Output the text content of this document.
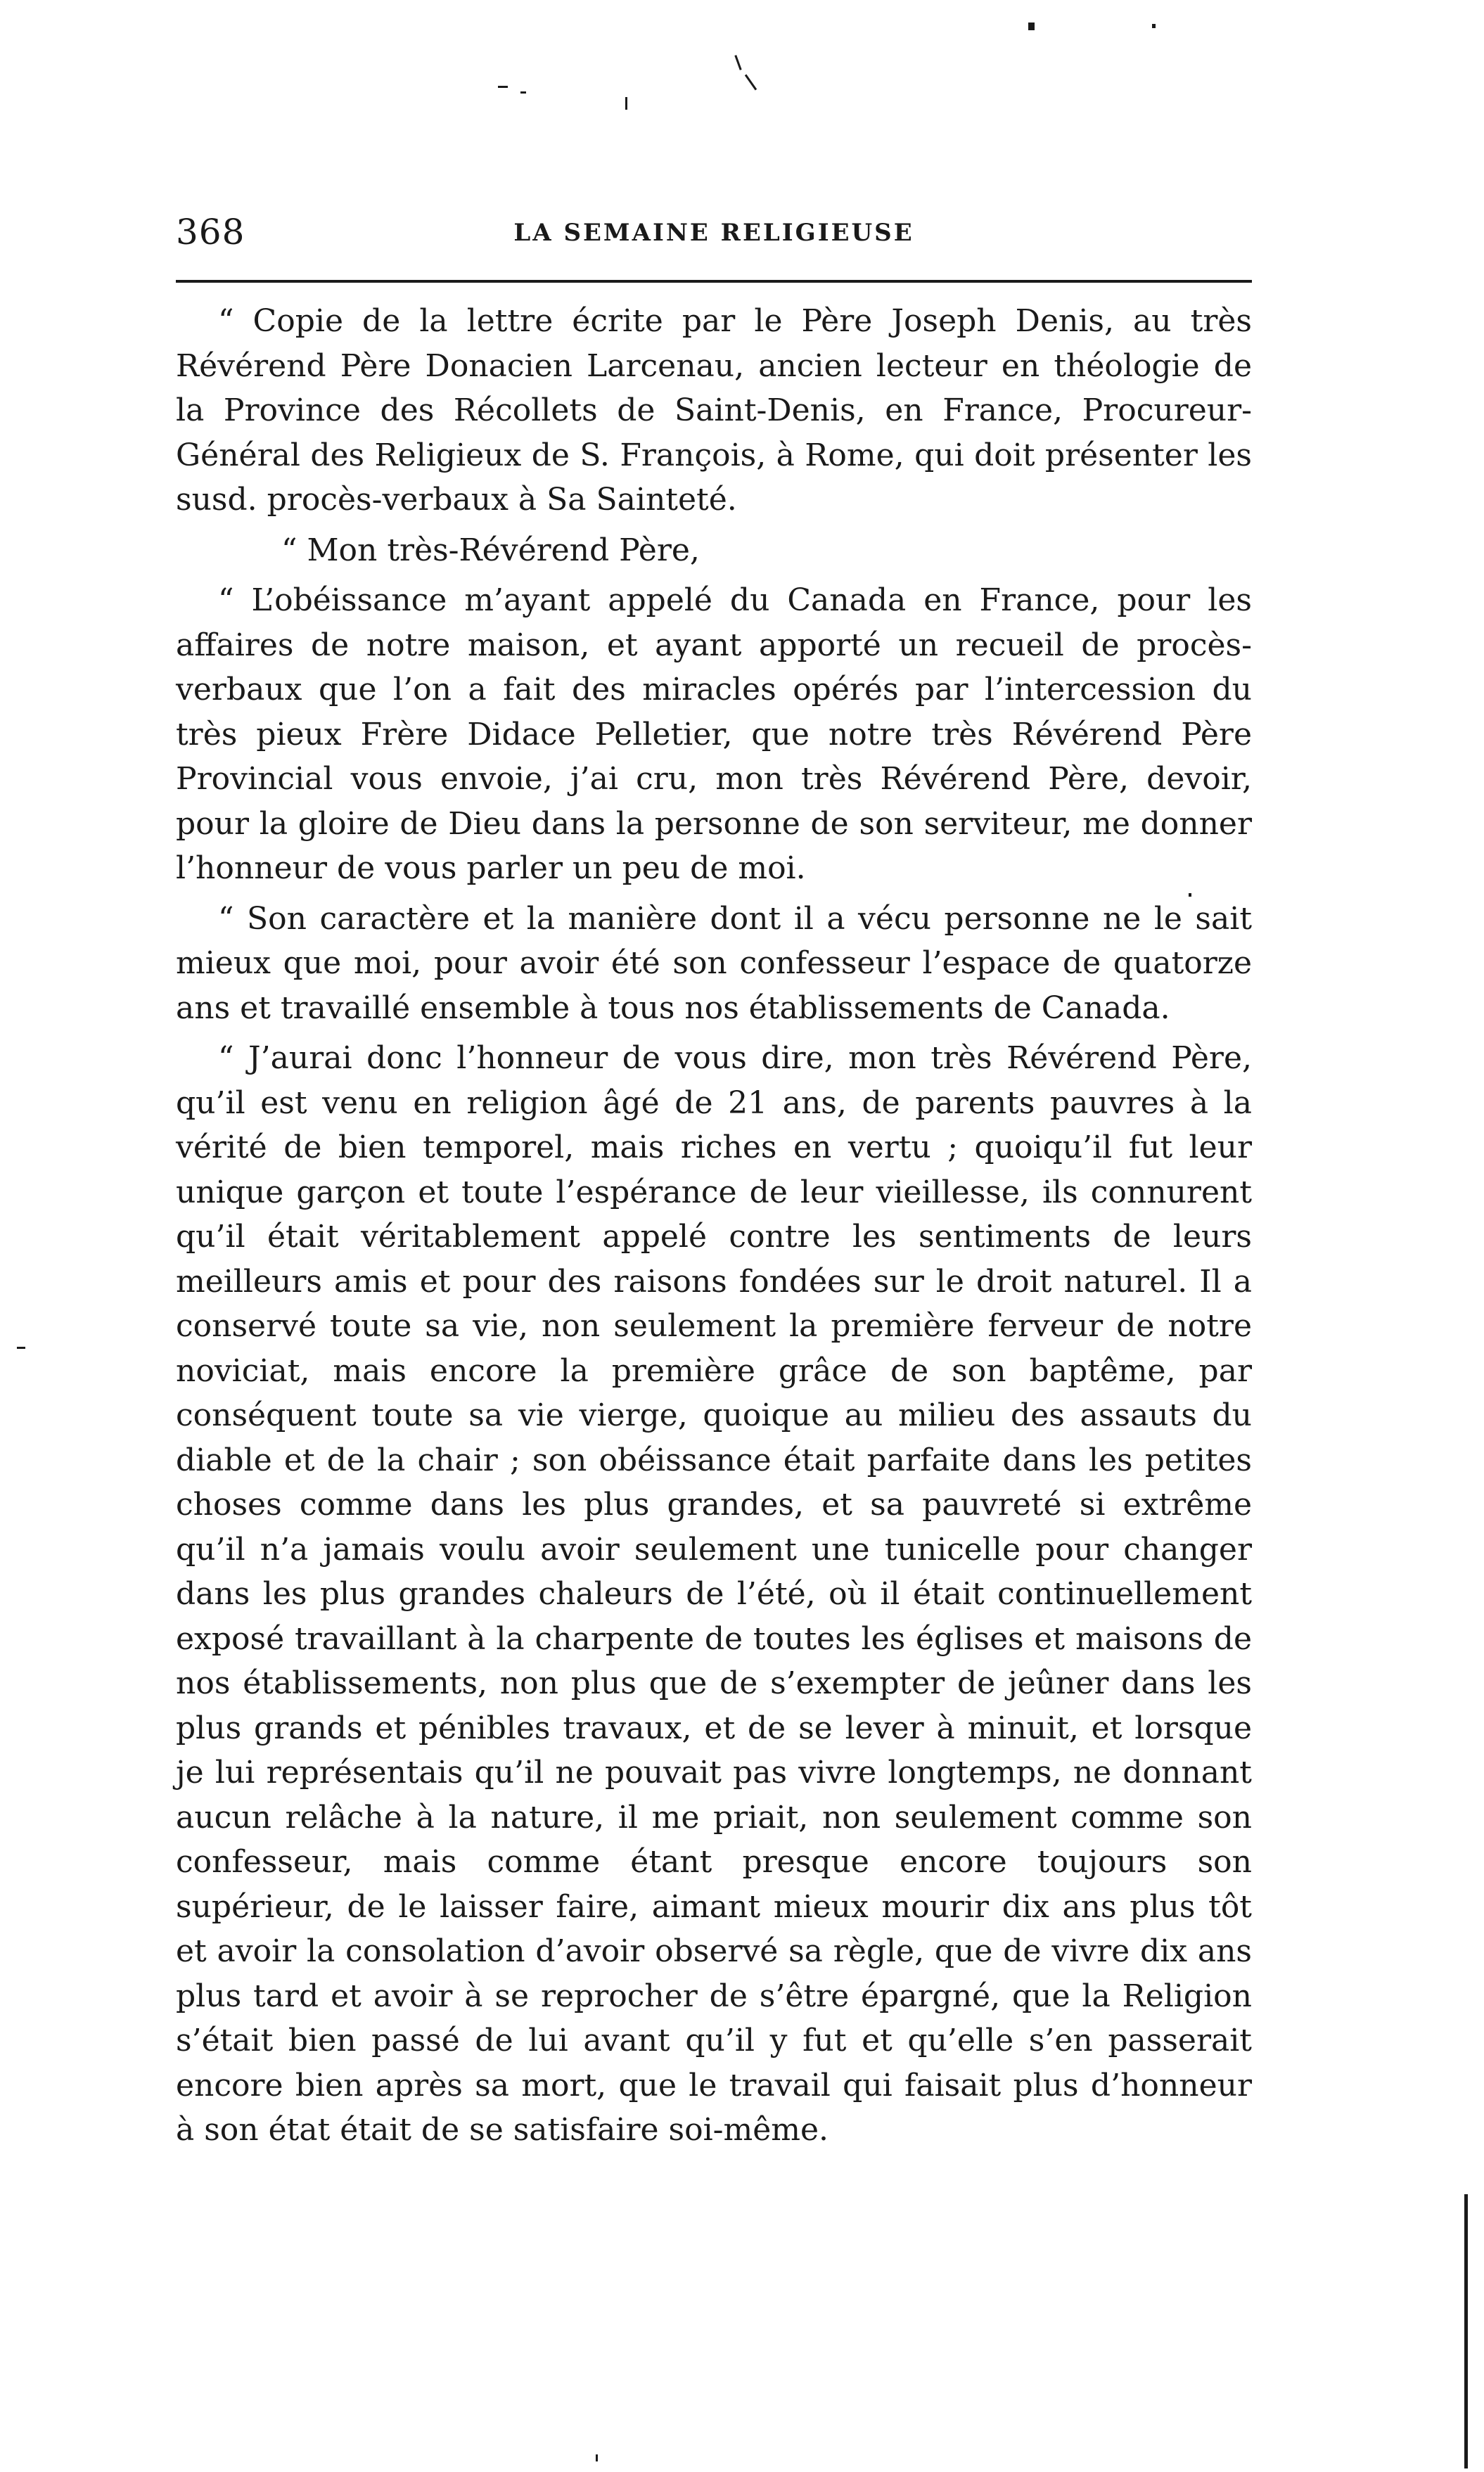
368	LA SEMAINE RELIGIEUSE

“ Copie de la lettre écrite par le Père Joseph Denis, au très Révérend Père Donacien Larcenau, ancien lecteur en théologie de la Province des Récollets de Saint-Denis, en France, Procureur-Général des Religieux de S. François, à Rome, qui doit présenter les susd. procès-verbaux à Sa Sainteté.

“ Mon très-Révérend Père,

“ L’obéissance m’ayant appelé du Canada en France, pour les affaires de notre maison, et ayant apporté un recueil de procès-verbaux que l’on a fait des miracles opérés par l’intercession du très pieux Frère Didace Pelletier, que notre très Révérend Père Provincial vous envoie, j’ai cru, mon très Révérend Père, devoir, pour la gloire de Dieu dans la personne de son serviteur, me donner l’honneur de vous parler un peu de moi.

“ Son caractère et la manière dont il a vécu personne ne le sait mieux que moi, pour avoir été son confesseur l’espace de quatorze ans et travaillé ensemble à tous nos établissements de Canada.

“ J’aurai donc l’honneur de vous dire, mon très Révérend Père, qu’il est venu en religion âgé de 21 ans, de parents pauvres à la vérité de bien temporel, mais riches en vertu ; quoiqu’il fut leur unique garçon et toute l’espérance de leur vieillesse, ils connurent qu’il était véritablement appelé contre les sentiments de leurs meilleurs amis et pour des raisons fondées sur le droit naturel. Il a conservé toute sa vie, non seulement la première ferveur de notre noviciat, mais encore la première grâce de son baptême, par conséquent toute sa vie vierge, quoique au milieu des assauts du diable et de la chair ; son obéissance était parfaite dans les petites choses comme dans les plus grandes, et sa pauvreté si extrême qu’il n’a jamais voulu avoir seulement une tunicelle pour changer dans les plus grandes chaleurs de l’été, où il était continuellement exposé travaillant à la charpente de toutes les églises et maisons de nos établissements, non plus que de s’exempter de jeûner dans les plus grands et pénibles travaux, et de se lever à minuit, et lorsque je lui représentais qu’il ne pouvait pas vivre longtemps, ne donnant aucun relâche à la nature, il me priait, non seulement comme son confesseur, mais comme étant presque encore toujours son supérieur, de le laisser faire, aimant mieux mourir dix ans plus tôt et avoir la consolation d’avoir observé sa règle, que de vivre dix ans plus tard et avoir à se reprocher de s’être épargné, que la Religion s’était bien passé de lui avant qu’il y fut et qu’elle s’en passerait encore bien après sa mort, que le travail qui faisait plus d’honneur à son état était de se satisfaire soi-même.
